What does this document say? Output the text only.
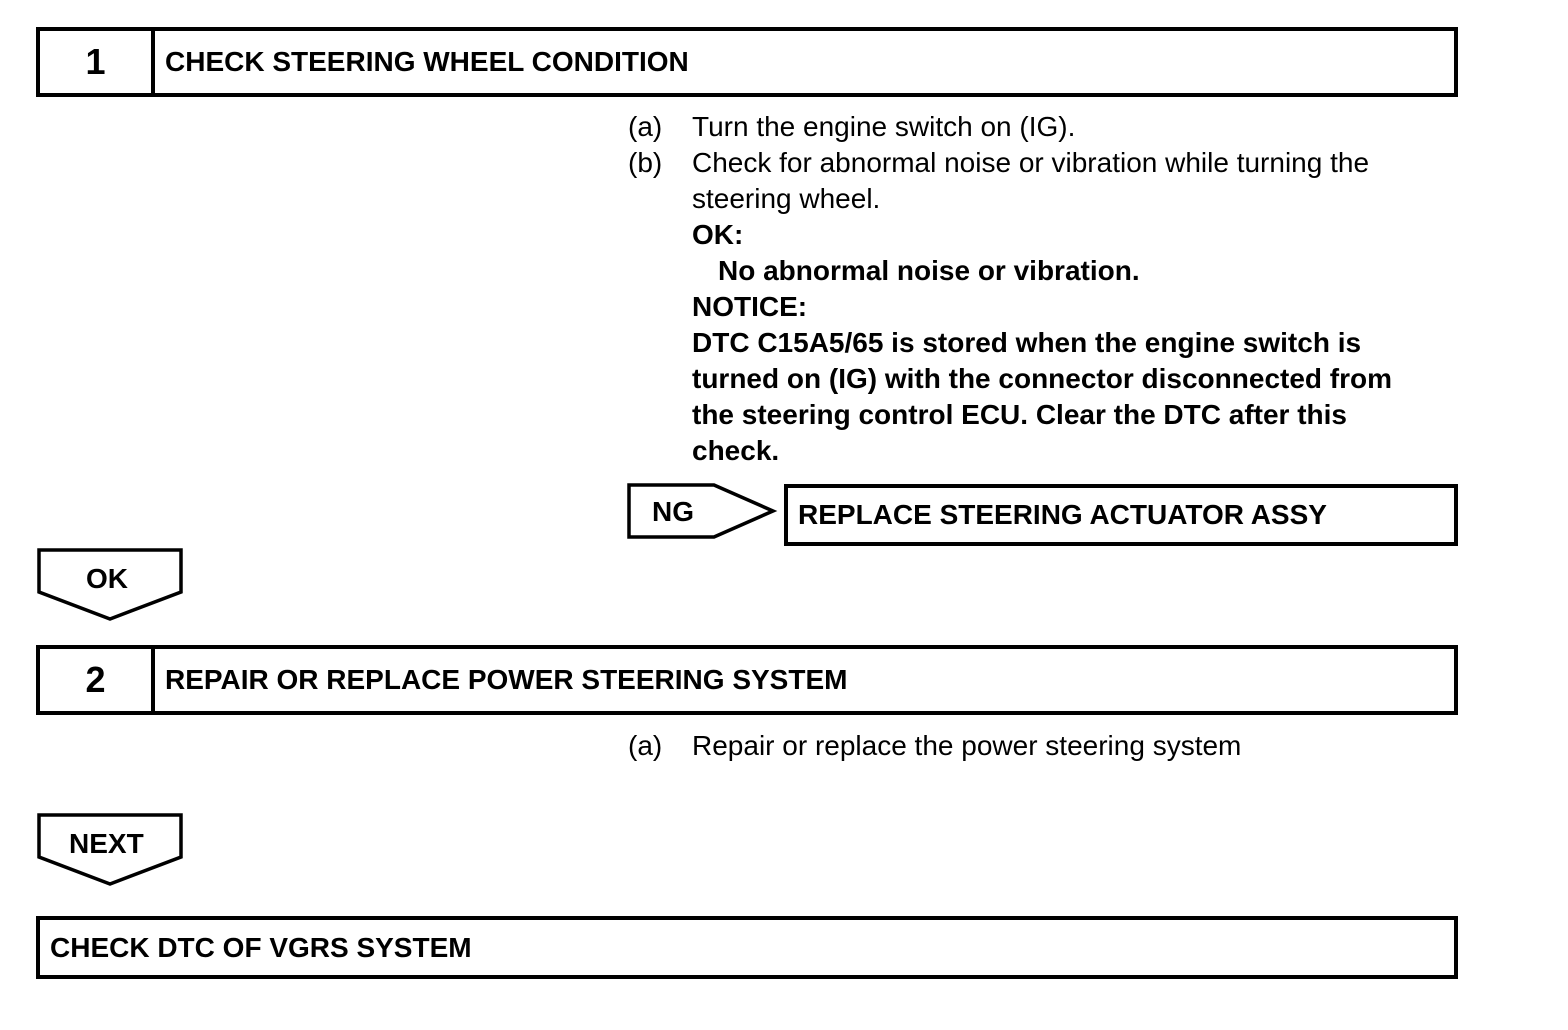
1	CHECK STEERING WHEEL CONDITION
(a)	Turn the engine switch on (IG).
(b)	Check for abnormal noise or vibration while turning the
steering wheel.
OK:
No abnormal noise or vibration.
NOTICE:
DTC C15A5/65 is stored when the engine switch is
turned on (IG) with the connector disconnected from
the steering control ECU. Clear the DTC after this
check.
NG	REPLACE STEERING ACTUATOR ASSY
OK
2	REPAIR OR REPLACE POWER STEERING SYSTEM
(a)	Repair or replace the power steering system
NEXT
CHECK DTC OF VGRS SYSTEM
